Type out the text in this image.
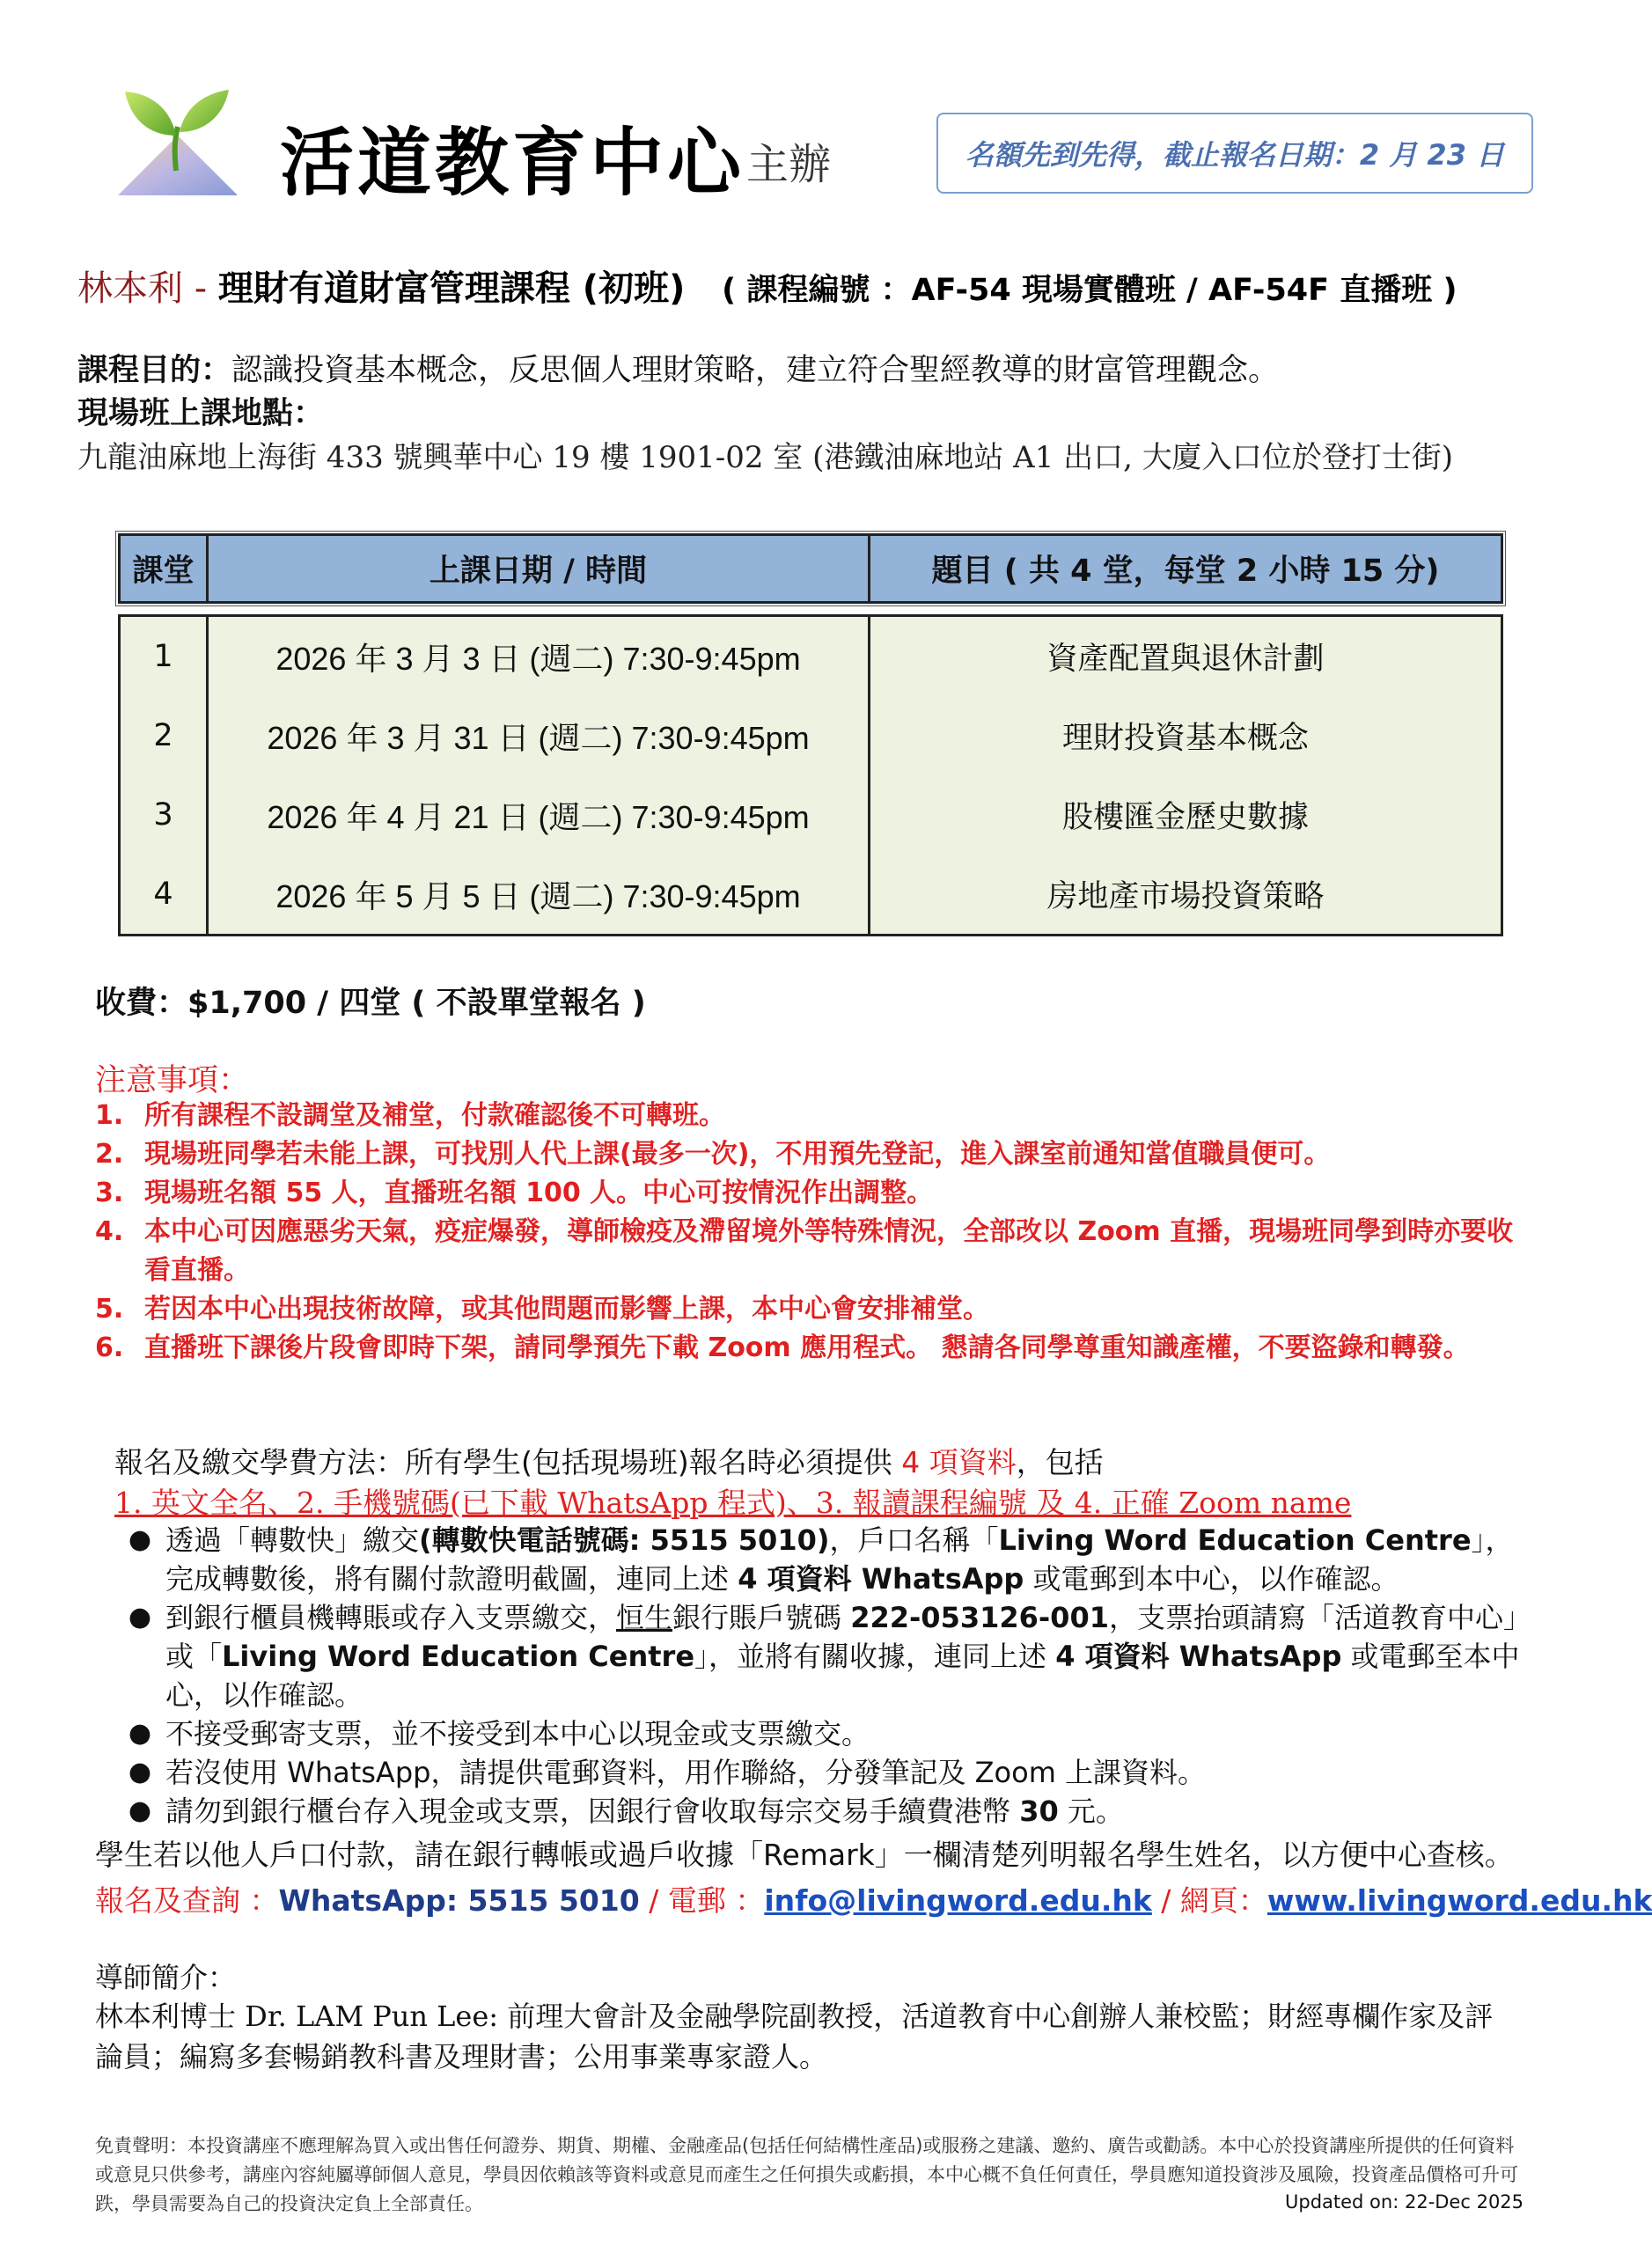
活道教育中心 主辦	名額先到先得，截止報名日期：2 月 23 日
林本利 - 理財有道財富管理課程 (初班) ( 課程編號 ：AF-54 現場實體班 / AF-54F 直播班 )
課程目的：認識投資基本概念，反思個人理財策略，建立符合聖經教導的財富管理觀念。
現場班上課地點：
九龍油麻地上海街 433 號興華中心 19 樓 1901-02 室 (港鐵油麻地站 A1 出口, 大廈入口位於登打士街)
課堂	上課日期 / 時間	題目 ( 共 4 堂，每堂 2 小時 15 分)
1	2026 年 3 月 3 日 (週二) 7:30-9:45pm	資產配置與退休計劃
2	2026 年 3 月 31 日 (週二) 7:30-9:45pm	理財投資基本概念
3	2026 年 4 月 21 日 (週二) 7:30-9:45pm	股樓匯金歷史數據
4	2026 年 5 月 5 日 (週二) 7:30-9:45pm	房地產市場投資策略
收費：$1,700 / 四堂 ( 不設單堂報名 )
注意事項：
1. 所有課程不設調堂及補堂，付款確認後不可轉班。
2. 現場班同學若未能上課，可找別人代上課(最多一次)，不用預先登記，進入課室前通知當值職員便可。
3. 現場班名額 55 人，直播班名額 100 人。中心可按情況作出調整。
4. 本中心可因應惡劣天氣，疫症爆發，導師檢疫及滯留境外等特殊情況，全部改以 Zoom 直播，現場班同學到時亦要收看直播。
5. 若因本中心出現技術故障，或其他問題而影響上課，本中心會安排補堂。
6. 直播班下課後片段會即時下架，請同學預先下載 Zoom 應用程式。 懇請各同學尊重知識產權，不要盜錄和轉發。
報名及繳交學費方法：所有學生(包括現場班)報名時必須提供 4 項資料，包括
1. 英文全名、2. 手機號碼(已下載 WhatsApp 程式)、3. 報讀課程編號 及 4. 正確 Zoom name
● 透過「轉數快」繳交(轉數快電話號碼: 5515 5010)，戶口名稱「Living Word Education Centre」，完成轉數後，將有關付款證明截圖，連同上述 4 項資料 WhatsApp 或電郵到本中心，以作確認。
● 到銀行櫃員機轉賬或存入支票繳交，恒生銀行賬戶號碼 222-053126-001，支票抬頭請寫「活道教育中心」或「Living Word Education Centre」，並將有關收據，連同上述 4 項資料 WhatsApp 或電郵至本中心，以作確認。
● 不接受郵寄支票，並不接受到本中心以現金或支票繳交。
● 若沒使用 WhatsApp，請提供電郵資料，用作聯絡，分發筆記及 Zoom 上課資料。
● 請勿到銀行櫃台存入現金或支票，因銀行會收取每宗交易手續費港幣 30 元。
學生若以他人戶口付款，請在銀行轉帳或過戶收據「Remark」一欄清楚列明報名學生姓名，以方便中心查核。
報名及查詢 ：WhatsApp: 5515 5010 / 電郵 ：info@livingword.edu.hk / 網頁：www.livingword.edu.hk
導師簡介：
林本利博士 Dr. LAM Pun Lee: 前理大會計及金融學院副教授，活道教育中心創辦人兼校監；財經專欄作家及評論員；編寫多套暢銷教科書及理財書；公用事業專家證人。
免責聲明：本投資講座不應理解為買入或出售任何證券、期貨、期權、金融產品(包括任何結構性產品)或服務之建議、邀約、廣告或勸誘。本中心於投資講座所提供的任何資料或意見只供參考，講座內容純屬導師個人意見，學員因依賴該等資料或意見而產生之任何損失或虧損，本中心概不負任何責任，學員應知道投資涉及風險，投資產品價格可升可跌，學員需要為自己的投資決定負上全部責任。	Updated on: 22-Dec 2025
